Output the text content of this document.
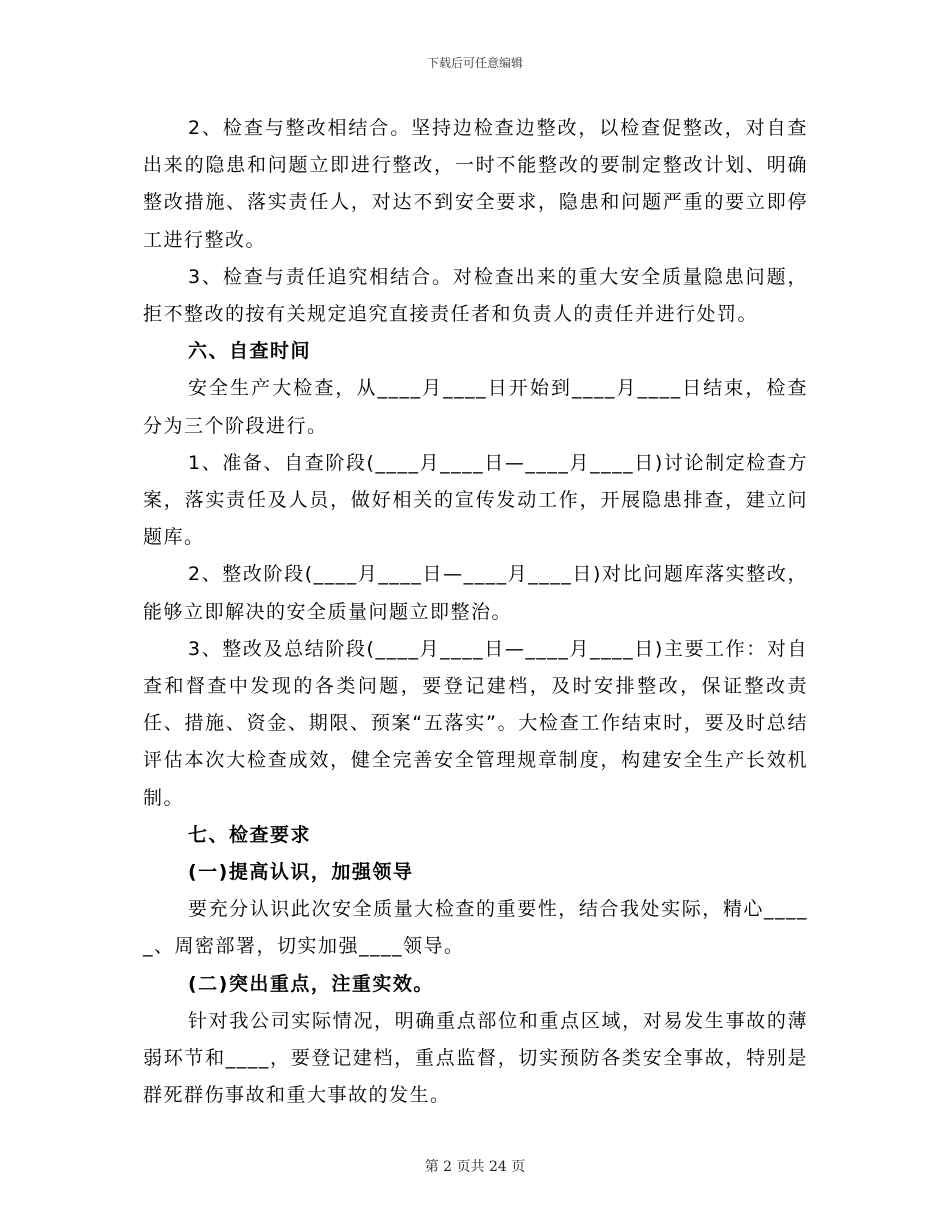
下载后可任意编辑

2、检查与整改相结合。坚持边检查边整改，以检查促整改，对自查出来的隐患和问题立即进行整改，一时不能整改的要制定整改计划、明确整改措施、落实责任人，对达不到安全要求，隐患和问题严重的要立即停工进行整改。

3、检查与责任追究相结合。对检查出来的重大安全质量隐患问题，拒不整改的按有关规定追究直接责任者和负责人的责任并进行处罚。

六、自查时间

安全生产大检查，从____月____日开始到____月____日结束，检查分为三个阶段进行。

1、准备、自查阶段(____月____日—____月____日)讨论制定检查方案，落实责任及人员，做好相关的宣传发动工作，开展隐患排查，建立问题库。

2、整改阶段(____月____日—____月____日)对比问题库落实整改，能够立即解决的安全质量问题立即整治。

3、整改及总结阶段(____月____日—____月____日)主要工作：对自查和督查中发现的各类问题，要登记建档，及时安排整改，保证整改责任、措施、资金、期限、预案“五落实”。大检查工作结束时，要及时总结评估本次大检查成效，健全完善安全管理规章制度，构建安全生产长效机制。

七、检查要求

(一)提高认识，加强领导

要充分认识此次安全质量大检查的重要性，结合我处实际，精心_____、周密部署，切实加强____领导。

(二)突出重点，注重实效。

针对我公司实际情况，明确重点部位和重点区域，对易发生事故的薄弱环节和____，要登记建档，重点监督，切实预防各类安全事故，特别是群死群伤事故和重大事故的发生。

第 2 页共 24 页
